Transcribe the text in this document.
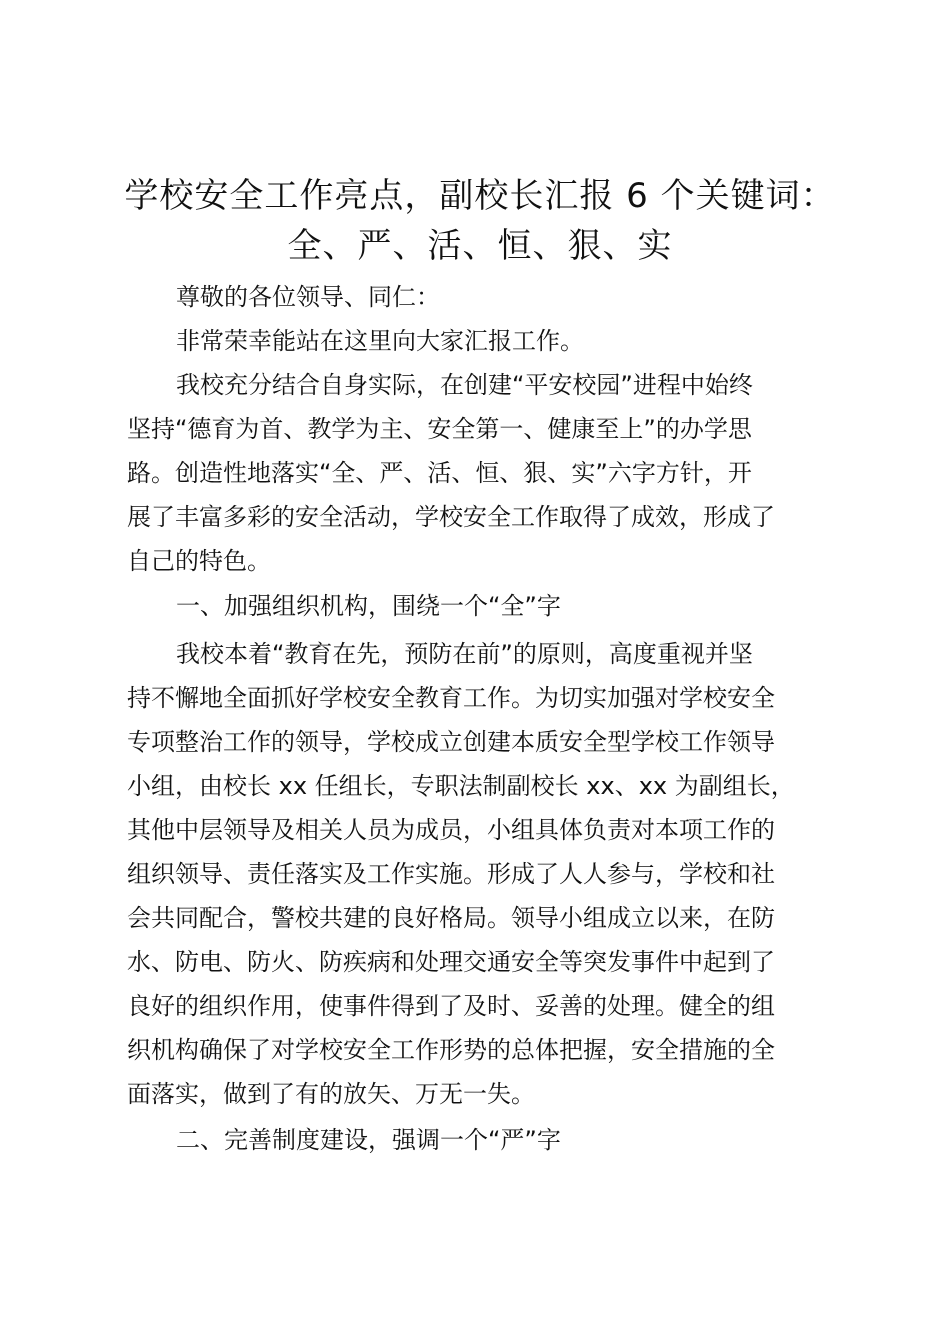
学校安全工作亮点，副校长汇报 6 个关键词：
全、严、活、恒、狠、实
尊敬的各位领导、同仁：
非常荣幸能站在这里向大家汇报工作。
我校充分结合自身实际，在创建“平安校园”进程中始终
坚持“德育为首、教学为主、安全第一、健康至上”的办学思
路。创造性地落实“全、严、活、恒、狠、实”六字方针，开
展了丰富多彩的安全活动，学校安全工作取得了成效，形成了
自己的特色。
一、加强组织机构，围绕一个“全”字
我校本着“教育在先，预防在前”的原则，高度重视并坚
持不懈地全面抓好学校安全教育工作。为切实加强对学校安全
专项整治工作的领导，学校成立创建本质安全型学校工作领导
小组，由校长 xx 任组长，专职法制副校长 xx、xx 为副组长，
其他中层领导及相关人员为成员，小组具体负责对本项工作的
组织领导、责任落实及工作实施。形成了人人参与，学校和社
会共同配合，警校共建的良好格局。领导小组成立以来，在防
水、防电、防火、防疾病和处理交通安全等突发事件中起到了
良好的组织作用，使事件得到了及时、妥善的处理。健全的组
织机构确保了对学校安全工作形势的总体把握，安全措施的全
面落实，做到了有的放矢、万无一失。
二、完善制度建设，强调一个“严”字
